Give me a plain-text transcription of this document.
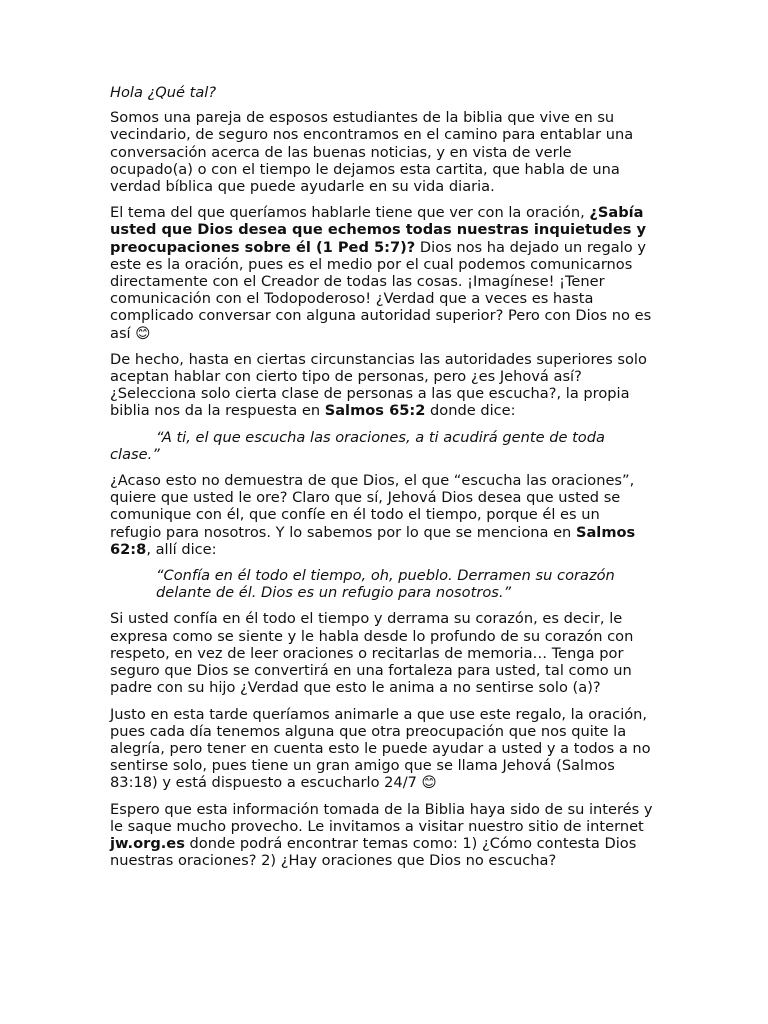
Hola ¿Qué tal?

Somos una pareja de esposos estudiantes de la biblia que vive en su vecindario, de seguro nos encontramos en el camino para entablar una conversación acerca de las buenas noticias, y en vista de verle ocupado(a) o con el tiempo le dejamos esta cartita, que habla de una verdad bíblica que puede ayudarle en su vida diaria.

El tema del que queríamos hablarle tiene que ver con la oración, ¿Sabía usted que Dios desea que echemos todas nuestras inquietudes y preocupaciones sobre él (1 Ped 5:7)? Dios nos ha dejado un regalo y este es la oración, pues es el medio por el cual podemos comunicarnos directamente con el Creador de todas las cosas. ¡Imagínese! ¡Tener comunicación con el Todopoderoso! ¿Verdad que a veces es hasta complicado conversar con alguna autoridad superior? Pero con Dios no es así 😊

De hecho, hasta en ciertas circunstancias las autoridades superiores solo aceptan hablar con cierto tipo de personas, pero ¿es Jehová así? ¿Selecciona solo cierta clase de personas a las que escucha?, la propia biblia nos da la respuesta en Salmos 65:2 donde dice:

“A ti, el que escucha las oraciones, a ti acudirá gente de toda clase.”

¿Acaso esto no demuestra de que Dios, el que “escucha las oraciones”, quiere que usted le ore? Claro que sí, Jehová Dios desea que usted se comunique con él, que confíe en él todo el tiempo, porque él es un refugio para nosotros. Y lo sabemos por lo que se menciona en Salmos 62:8, allí dice:

“Confía en él todo el tiempo, oh, pueblo. Derramen su corazón delante de él. Dios es un refugio para nosotros.”

Si usted confía en él todo el tiempo y derrama su corazón, es decir, le expresa como se siente y le habla desde lo profundo de su corazón con respeto, en vez de leer oraciones o recitarlas de memoria… Tenga por seguro que Dios se convertirá en una fortaleza para usted, tal como un padre con su hijo ¿Verdad que esto le anima a no sentirse solo (a)?

Justo en esta tarde queríamos animarle a que use este regalo, la oración, pues cada día tenemos alguna que otra preocupación que nos quite la alegría, pero tener en cuenta esto le puede ayudar a usted y a todos a no sentirse solo, pues tiene un gran amigo que se llama Jehová (Salmos 83:18) y está dispuesto a escucharlo 24/7 😊

Espero que esta información tomada de la Biblia haya sido de su interés y le saque mucho provecho. Le invitamos a visitar nuestro sitio de internet jw.org.es donde podrá encontrar temas como: 1) ¿Cómo contesta Dios nuestras oraciones? 2) ¿Hay oraciones que Dios no escucha?
